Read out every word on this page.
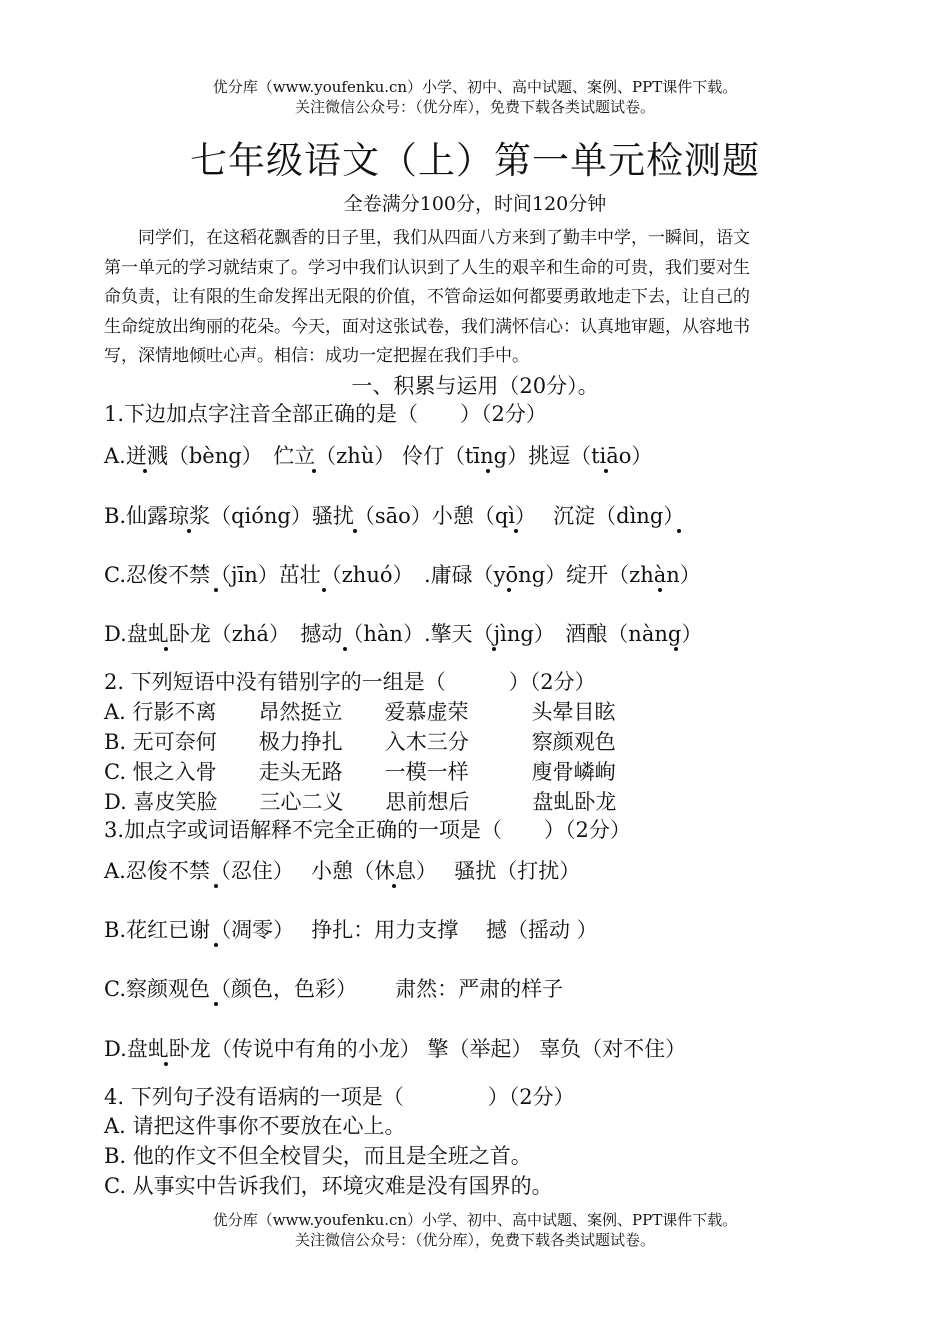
优分库（www.youfenku.cn）小学、初中、高中试题、案例、PPT课件下载。
关注微信公众号：（优分库），免费下载各类试题试卷。
七年级语文（上）第一单元检测题
全卷满分100分，时间120分钟
　　同学们，在这稻花飘香的日子里，我们从四面八方来到了勤丰中学，一瞬间，语文
第一单元的学习就结束了。学习中我们认识到了人生的艰辛和生命的可贵，我们要对生
命负责，让有限的生命发挥出无限的价值，不管命运如何都要勇敢地走下去，让自己的
生命绽放出绚丽的花朵。今天，面对这张试卷，我们满怀信心：认真地审题，从容地书
写，深情地倾吐心声。相信：成功一定把握在我们手中。
一、积累与运用（20分）。
1.下边加点字注音全部正确的是（　　）（2分）
A.迸溅（bèng）　伫立（zhù） 伶仃（tīng）挑逗（tiāo）
B.仙露琼浆（qióng）骚扰（sāo）小憩（qì）　 沉淀（dìng）
C.忍俊不禁（jīn）茁壮（zhuó）　.庸碌（yōng）绽开（zhàn）
D.盘虬卧龙（zhá）　撼动（hàn）.擎天（jìng）　酒酿（nàng）
2. 下列短语中没有错别字的一组是（　　　）（2分）
A. 行影不离　　昂然挺立　　爱慕虚荣　　　头晕目眩
B. 无可奈何　　极力挣扎　　入木三分　　　察颜观色
C. 恨之入骨　　走头无路　　一模一样　　　廋骨嶙峋
D. 喜皮笑脸　　三心二义　　思前想后　　　盘虬卧龙
3.加点字或词语解释不完全正确的一项是（　　）（2分）
A.忍俊不禁（忍住）　 小憩（休息）　 骚扰（打扰）
B.花红已谢（凋零）　 挣扎：用力支撑　 撼（摇动 ）
C.察颜观色（颜色，色彩）　　 肃然：严肃的样子
D.盘虬卧龙（传说中有角的小龙） 擎（举起） 辜负（对不住）
4. 下列句子没有语病的一项是（　　　　）（2分）
A. 请把这件事你不要放在心上。
B. 他的作文不但全校冒尖，而且是全班之首。
C. 从事实中告诉我们，环境灾难是没有国界的。
优分库（www.youfenku.cn）小学、初中、高中试题、案例、PPT课件下载。
关注微信公众号：（优分库），免费下载各类试题试卷。
